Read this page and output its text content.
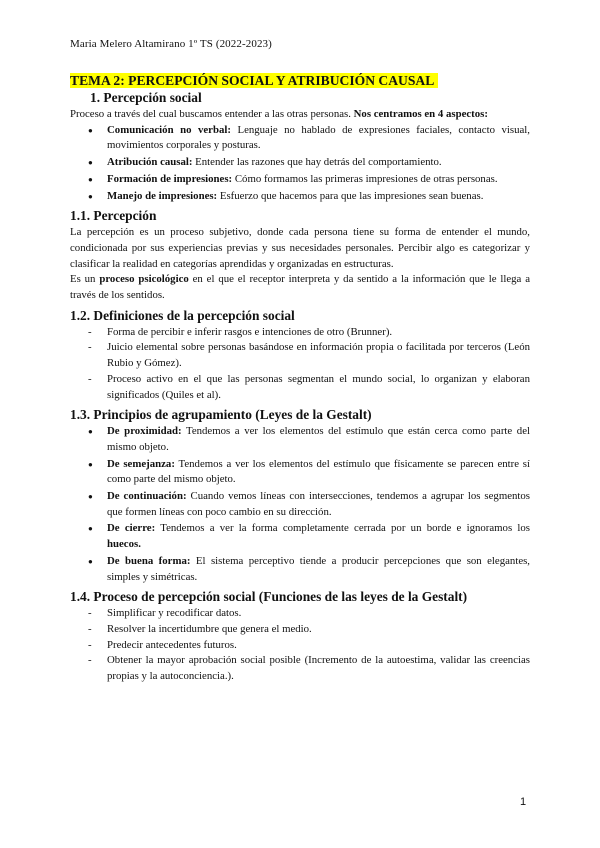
Maria Melero Altamirano 1º TS (2022-2023)
TEMA 2: PERCEPCIÓN SOCIAL Y ATRIBUCIÓN CAUSAL
1. Percepción social

Proceso a través del cual buscamos entender a las otras personas. Nos centramos en 4 aspectos:

● Comunicación no verbal: Lenguaje no hablado de expresiones faciales, contacto visual, movimientos corporales y posturas.
● Atribución causal: Entender las razones que hay detrás del comportamiento.
● Formación de impresiones: Cómo formamos las primeras impresiones de otras personas.
● Manejo de impresiones: Esfuerzo que hacemos para que las impresiones sean buenas.
1.1. Percepción

La percepción es un proceso subjetivo, donde cada persona tiene su forma de entender el mundo, condicionada por sus experiencias previas y sus necesidades personales. Percibir algo es categorizar y clasificar la realidad en categorías aprendidas y organizadas en estructuras.

Es un proceso psicológico en el que el receptor interpreta y da sentido a la información que le llega a través de los sentidos.

1.2. Definiciones de la percepción social
- Forma de percibir e inferir rasgos e intenciones de otro (Brunner).
- Juicio elemental sobre personas basándose en información propia o facilitada por terceros (León Rubio y Gómez).
- Proceso activo en el que las personas segmentan el mundo social, lo organizan y elaboran significados (Quiles et al).
1.3. Principios de agrupamiento (Leyes de la Gestalt)
● De proximidad: Tendemos a ver los elementos del estímulo que están cerca como parte del mismo objeto.
● De semejanza: Tendemos a ver los elementos del estímulo que físicamente se parecen entre sí como parte del mismo objeto.
● De continuación: Cuando vemos líneas con intersecciones, tendemos a agrupar los segmentos que formen líneas con poco cambio en su dirección.
● De cierre: Tendemos a ver la forma completamente cerrada por un borde e ignoramos los huecos.
● De buena forma: El sistema perceptivo tiende a producir percepciones que son elegantes, simples y simétricas.
1.4. Proceso de percepción social (Funciones de las leyes de la Gestalt)
- Simplificar y recodificar datos.
- Resolver la incertidumbre que genera el medio.
- Predecir antecedentes futuros.
- Obtener la mayor aprobación social posible (Incremento de la autoestima, validar las creencias propias y la autoconciencia.).
1
